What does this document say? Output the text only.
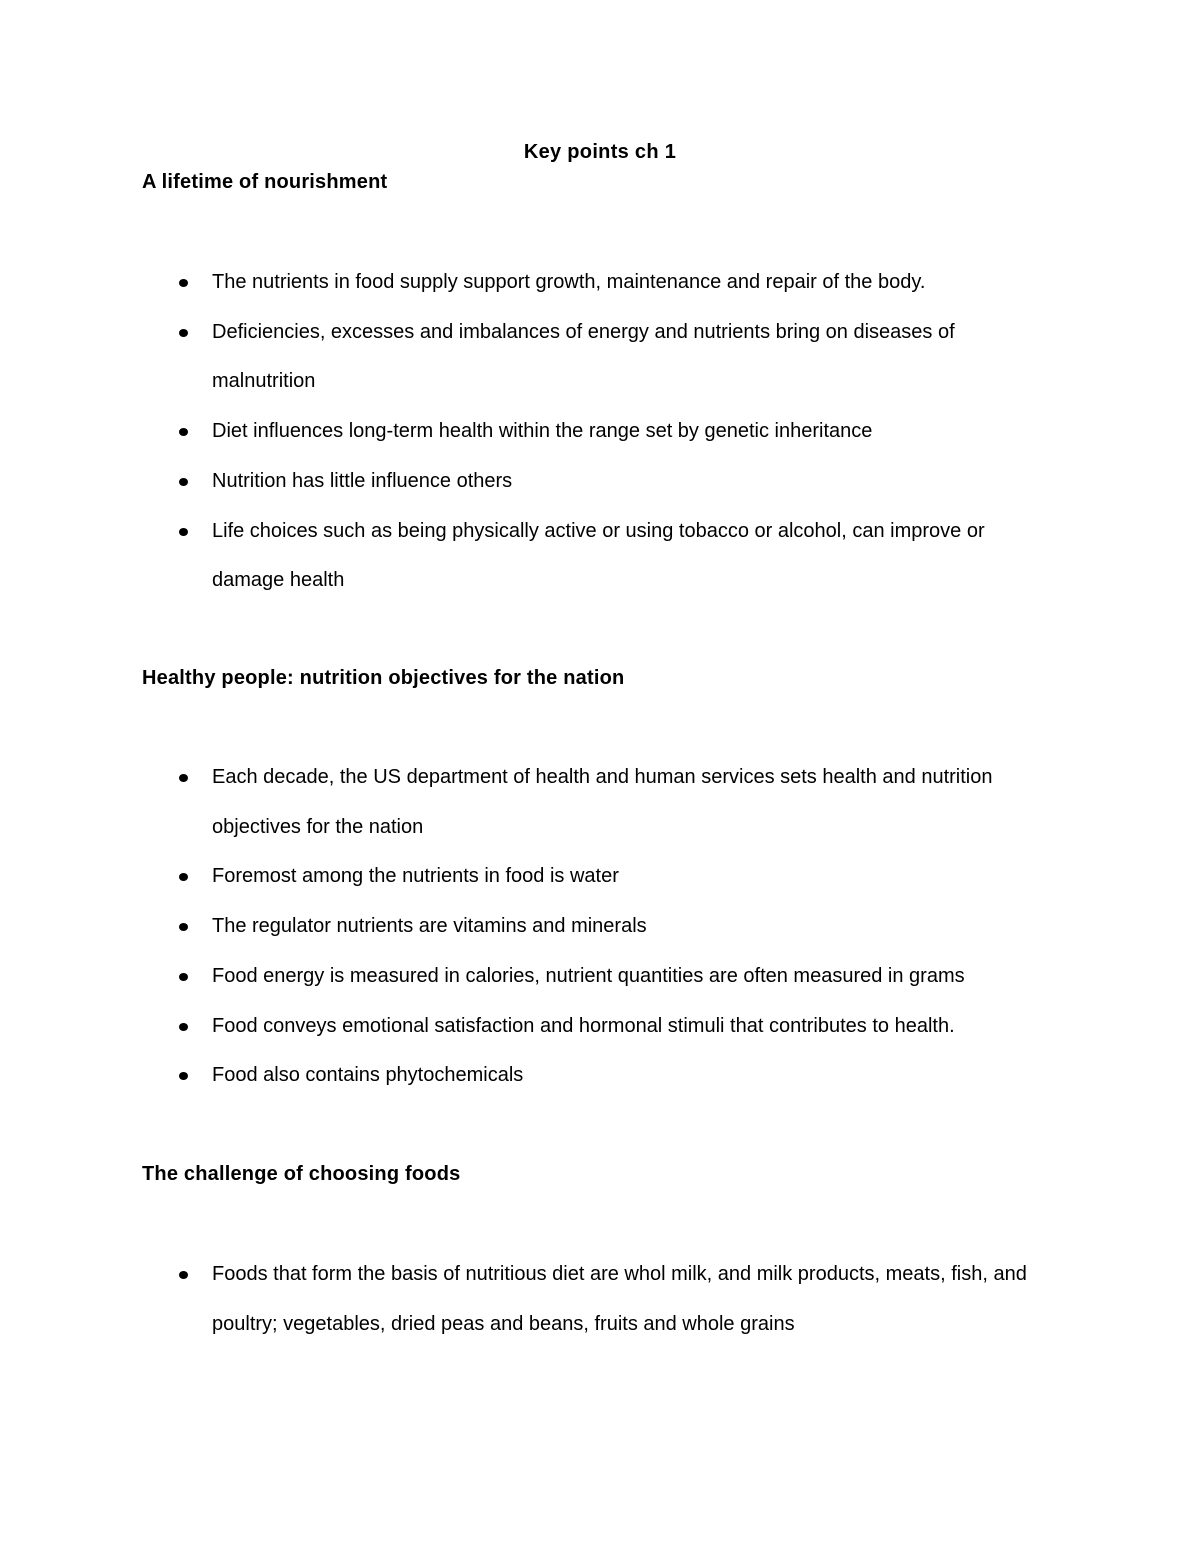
Key points ch 1
A lifetime of nourishment
The nutrients in food supply support growth, maintenance and repair of the body.
Deficiencies, excesses and imbalances of energy and nutrients bring on diseases of malnutrition
Diet influences long-term health within the range set by genetic inheritance
Nutrition has little influence others
Life choices such as being physically active or using tobacco or alcohol, can improve or damage health
Healthy people: nutrition objectives for the nation
Each decade, the US department of health and human services sets health and nutrition objectives for the nation
Foremost among the nutrients in food is water
The regulator nutrients are vitamins and minerals
Food energy is measured in calories, nutrient quantities are often measured in grams
Food conveys emotional satisfaction and hormonal stimuli that contributes to health.
Food also contains phytochemicals
The challenge of choosing foods
Foods that form the basis of nutritious diet are whol milk, and milk products, meats, fish, and poultry; vegetables, dried peas and beans, fruits and whole grains
